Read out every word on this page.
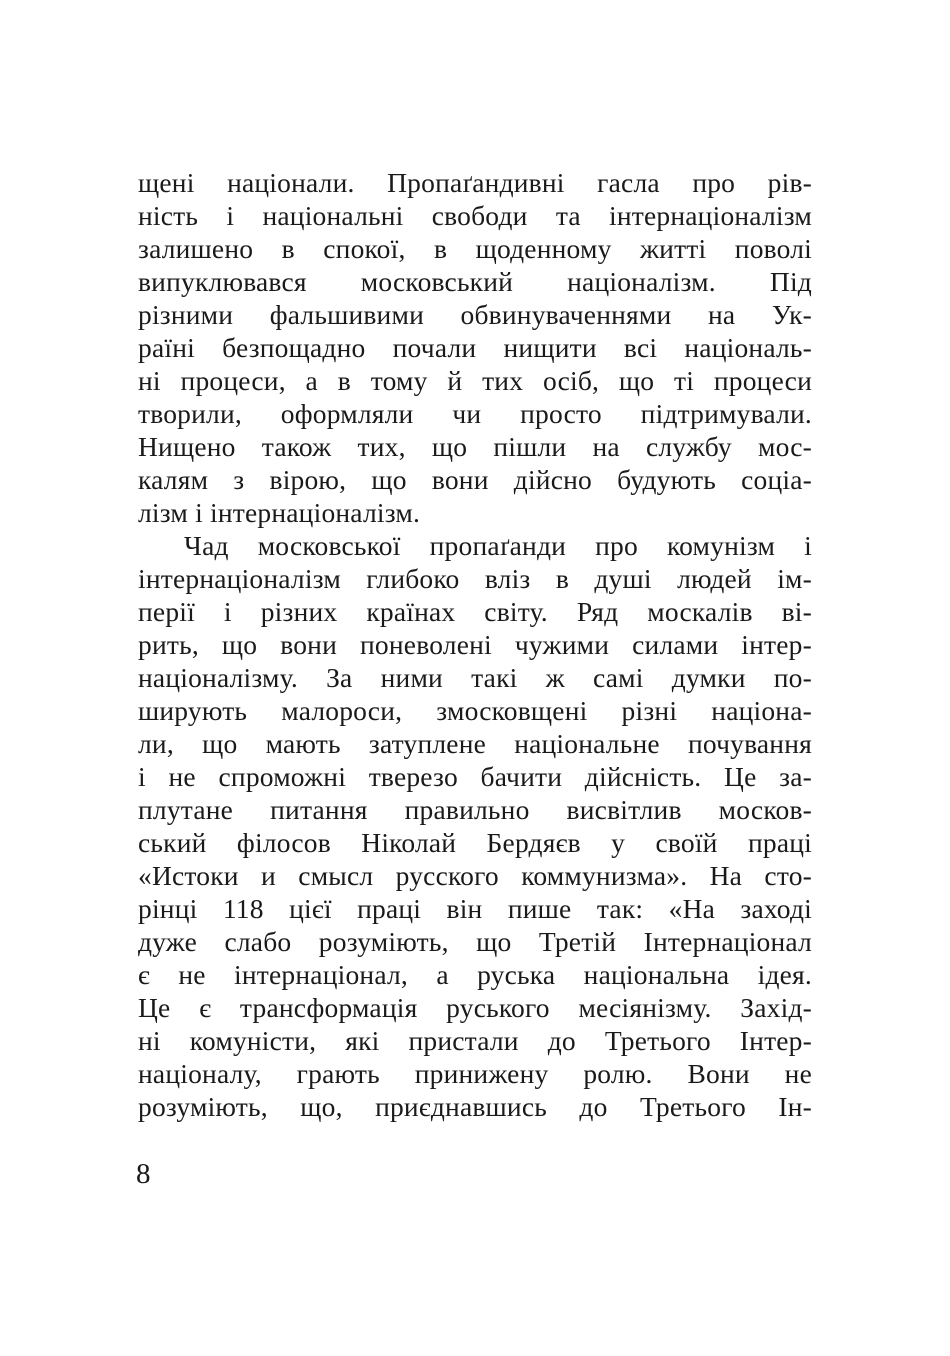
щені націонали. Пропаґандивні гасла про рів-
ність і національні свободи та інтернаціоналізм
залишено в спокої, в щоденному житті поволі
випуклювався московський націоналізм. Під
різними фальшивими обвинуваченнями на Ук-
раїні безпощадно почали нищити всі національ-
ні процеси, а в тому й тих осіб, що ті процеси
творили, оформляли чи просто підтримували.
Нищено також тих, що пішли на службу мос-
калям з вірою, що вони дійсно будують соціа-
лізм і інтернаціоналізм.
Чад московської пропаґанди про комунізм і
інтернаціоналізм глибоко вліз в душі людей ім-
перії і різних країнах світу. Ряд москалів ві-
рить, що вони поневолені чужими силами інтер-
націоналізму. За ними такі ж самі думки по-
ширують малороси, змосковщені різні націона-
ли, що мають затуплене національне почування
і не спроможні тверезо бачити дійсність. Це за-
плутане питання правильно висвітлив москов-
ський філосов Ніколай Бердяєв у своїй праці
«Истоки и смысл русского коммунизма». На сто-
рінці 118 цієї праці він пише так: «На заході
дуже слабо розуміють, що Третій Інтернаціонал
є не інтернаціонал, а руська національна ідея.
Це є трансформація руського месіянізму. Захід-
ні комуністи, які пристали до Третього Інтер-
націоналу, грають принижену ролю. Вони не
розуміють, що, приєднавшись до Третього Ін-
8
